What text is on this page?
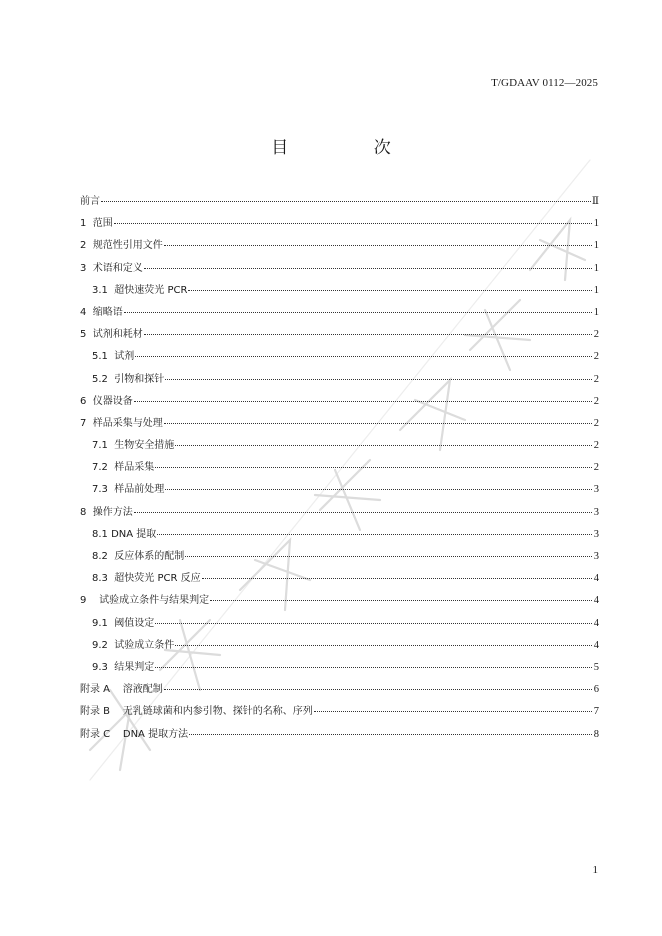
T/GDAAV 0112—2025
目 次
前言	Ⅱ
1  范围	1
2  规范性引用文件	1
3  术语和定义	1
3.1  超快速荧光 PCR	1
4  缩略语	1
5  试剂和耗材	2
5.1  试剂	2
5.2  引物和探针	2
6  仪器设备	2
7  样品采集与处理	2
7.1  生物安全措施	2
7.2  样品采集	2
7.3  样品前处理	3
8  操作方法	3
8.1 DNA 提取	3
8.2  反应体系的配制	3
8.3  超快荧光 PCR 反应	4
9    试验成立条件与结果判定	4
9.1  阈值设定	4
9.2  试验成立条件	4
9.3  结果判定	5
附录 A    溶液配制	6
附录 B    无乳链球菌和内参引物、探针的名称、序列	7
附录 C    DNA 提取方法	8
1
